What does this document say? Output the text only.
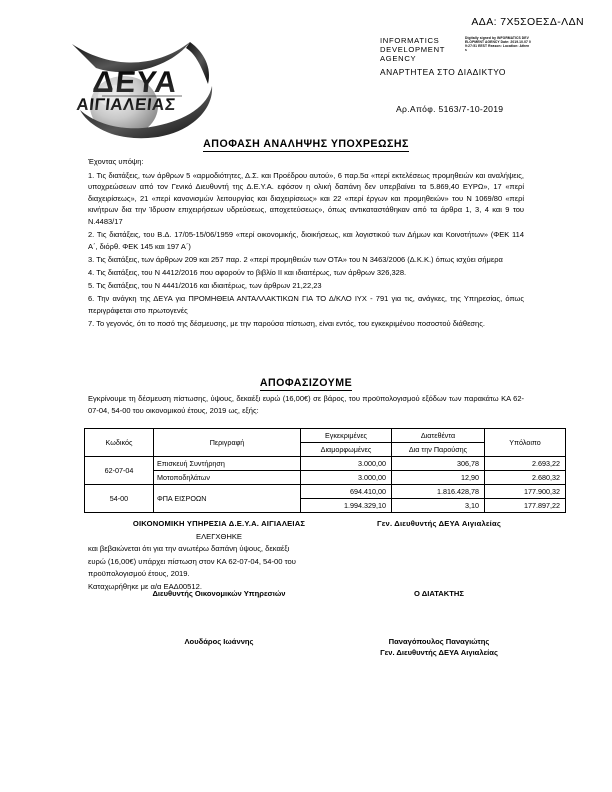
ΑΔΑ: 7Χ5ΣΟΕΣΔ-ΛΔΝ
ΔΕΥΑ
ΑΙΓΙΑΛΕΙΑΣ
INFORMATICS DEVELOPMENT AGENCY
Digitally signed by INFORMATICS DEVELOPMENT AGENCY Date: 2019.10.07 09:27:51 EEST Reason: Location: Athens
ΑΝΑΡΤΗΤΕΑ ΣΤΟ ΔΙΑΔΙΚΤΥΟ
Αρ.Απόφ. 5163/7-10-2019
ΑΠΟΦΑΣΗ ΑΝΑΛΗΨΗΣ ΥΠΟΧΡΕΩΣΗΣ

Έχοντας υπόψη:

1. Τις διατάξεις, των άρθρων 5 «αρμοδιότητες, Δ.Σ. και Προέδρου αυτού», 6 παρ.5α «περί εκτελέσεως προμηθειών και αναλήψεις, υποχρεώσεων από τον Γενικό Διευθυντή της Δ.Ε.Υ.Α. εφόσον η ολική δαπάνη δεν υπερβαίνει τα 5.869,40 ΕΥΡΩ», 17 «περί διαχειρίσεως», 21 «περί κανονισμών λειτουργίας και διαχειρίσεως» και 22 «περί έργων και προμηθειών» του Ν 1069/80 «περί κινήτρων δια την Ίδρυσιν επιχειρήσεων υδρεύσεως, αποχετεύσεως», όπως αντικαταστάθηκαν από τα άρθρα 1, 3, 4 και 9 του Ν.4483/17

2. Τις διατάξεις, του Β.Δ. 17/05-15/06/1959 «περί οικονομικής, διοικήσεως, και λογιστικού των Δήμων και Κοινοτήτων» (ΦΕΚ 114 Α΄, διόρθ. ΦΕΚ 145 και 197 Α΄)

3. Τις διατάξεις, των άρθρων 209 και 257 παρ. 2 «περί προμηθειών των ΟΤΑ» του Ν 3463/2006 (Δ.Κ.Κ.) όπως ισχύει σήμερα

4. Τις διατάξεις, του Ν 4412/2016 που αφορούν το βιβλίο ΙΙ και ιδιαιτέρως, των άρθρων 326,328.

5. Τις διατάξεις, του Ν 4441/2016 και ιδιαιτέρως, των άρθρων 21,22,23

6. Την ανάγκη της ΔΕΥΑ για ΠΡΟΜΗΘΕΙΑ ΑΝΤΑΛΛΑΚΤΙΚΩΝ ΓΙΑ ΤΟ Δ/ΚΛΟ ΙΥΧ - 791 για τις, ανάγκες, της Υπηρεσίας, όπως περιγράφεται στο πρωτογενές

7. Το γεγονός, ότι το ποσό της δέσμευσης, με την παρούσα πίστωση, είναι εντός, του εγκεκριμένου ποσοστού διάθεσης.

ΑΠΟΦΑΣΙΖΟΥΜΕ

Εγκρίνουμε τη δέσμευση πίστωσης, ύψους, δεκαέξι ευρώ (16,00€) σε βάρος, του προϋπολογισμού εξόδων των παρακάτω ΚΑ 62-07-04, 54-00 του οικονομικού έτους, 2019 ως, εξής:

Κωδικός	Περιγραφή	Εγκεκριμένες	Διατεθέντα	Υπόλοιπο
		Διαμορφωμένες	Δια την Παρούσης	
62-07-04	Επισκευή Συντήρηση	3.000,00	306,78	2.693,22
	Μοτοποδηλάτων	3.000,00	12,90	2.680,32
54-00	ΦΠΑ ΕΙΣΡΟΩΝ	694.410,00	1.816.428,78	177.900,32
		1.994.329,10	3,10	177.897,22

ΟΙΚΟΝΟΜΙΚΗ ΥΠΗΡΕΣΙΑ Δ.Ε.Υ.Α. ΑΙΓΙΑΛΕΙΑΣ

ΕΛΕΓΧΘΗΚΕ

Γεν. Διευθυντής ΔΕΥΑ Αιγιαλείας

και βεβαιώνεται ότι για την ανωτέρω δαπάνη ύψους, δεκαέξι

ευρώ (16,00€) υπάρχει πίστωση στον ΚΑ 62-07-04, 54-00 του

προϋπολογισμού έτους, 2019.

Καταχωρήθηκε με α/α ΕΑΔ00512.

Διευθυντής Οικονομικών Υπηρεσιών	Ο ΔΙΑΤΑΚΤΗΣ
Λουδάρος Ιωάννης	Παναγόπουλος Παναγιώτης
Γεν. Διευθυντής ΔΕΥΑ Αιγιαλείας
